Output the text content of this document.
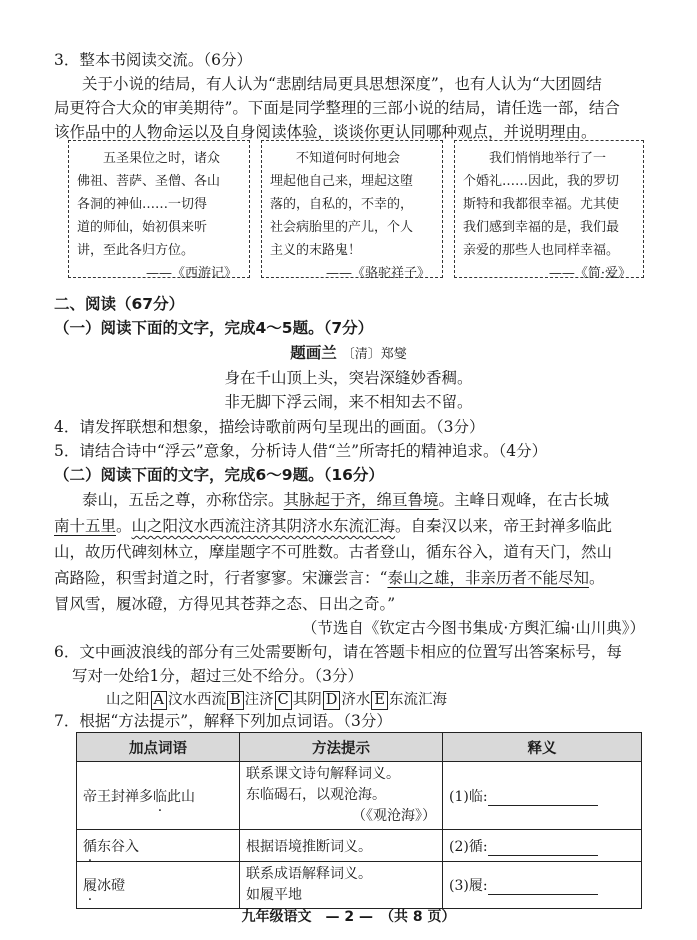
3．整本书阅读交流。（6分）
关于小说的结局，有人认为“悲剧结局更具思想深度”，也有人认为“大团圆结
局更符合大众的审美期待”。下面是同学整理的三部小说的结局，请任选一部，结合
该作品中的人物命运以及自身阅读体验，谈谈你更认同哪种观点，并说明理由。
五圣果位之时，诸众
佛祖、菩萨、圣僧、各山
各洞的神仙……一切得
道的师仙，始初俱来听
讲，至此各归方位。
——《西游记》
不知道何时何地会
埋起他自己来，埋起这堕
落的，自私的，不幸的，
社会病胎里的产儿，个人
主义的末路鬼！
——《骆驼祥子》
我们悄悄地举行了一
个婚礼……因此，我的罗切
斯特和我都很幸福。尤其使
我们感到幸福的是，我们最
亲爱的那些人也同样幸福。
——《简·爱》
二、阅读（67分）
（一）阅读下面的文字，完成4～5题。（7分）
题画兰 〔清〕郑燮
身在千山顶上头，突岩深缝妙香稠。
非无脚下浮云闹，来不相知去不留。
4．请发挥联想和想象，描绘诗歌前两句呈现出的画面。（3分）
5．请结合诗中“浮云”意象，分析诗人借“兰”所寄托的精神追求。（4分）
（二）阅读下面的文字，完成6～9题。（16分）
泰山，五岳之尊，亦称岱宗。其脉起于齐，绵亘鲁境。主峰日观峰，在古长城
南十五里。山之阳汶水西流注济其阴济水东流汇海。自秦汉以来，帝王封禅多临此
山，故历代碑刻林立，摩崖题字不可胜数。古者登山，循东谷入，道有天门，然山
高路险，积雪封道之时，行者寥寥。宋濂尝言：“泰山之雄，非亲历者不能尽知。
冒风雪，履冰磴，方得见其苍莽之态、日出之奇。”
（节选自《钦定古今图书集成·方舆汇编·山川典》）
6．文中画波浪线的部分有三处需要断句，请在答题卡相应的位置写出答案标号，每
写对一处给1分，超过三处不给分。（3分）
山之阳 A 汶水西流 B 注济 C 其阴 D 济水 E 东流汇海
7．根据“方法提示”，解释下列加点词语。（3分）
加点词语	方法提示	释义
帝王封禅多临此山	联系课文诗句解释词义。
东临碣石，以观沧海。
（《观沧海》）	(1)临:
循东谷入	根据语境推断词义。	(2)循:
履冰磴	联系成语解释词义。
如履平地	(3)履:
九年级语文　— 2 —　（共 8 页）
